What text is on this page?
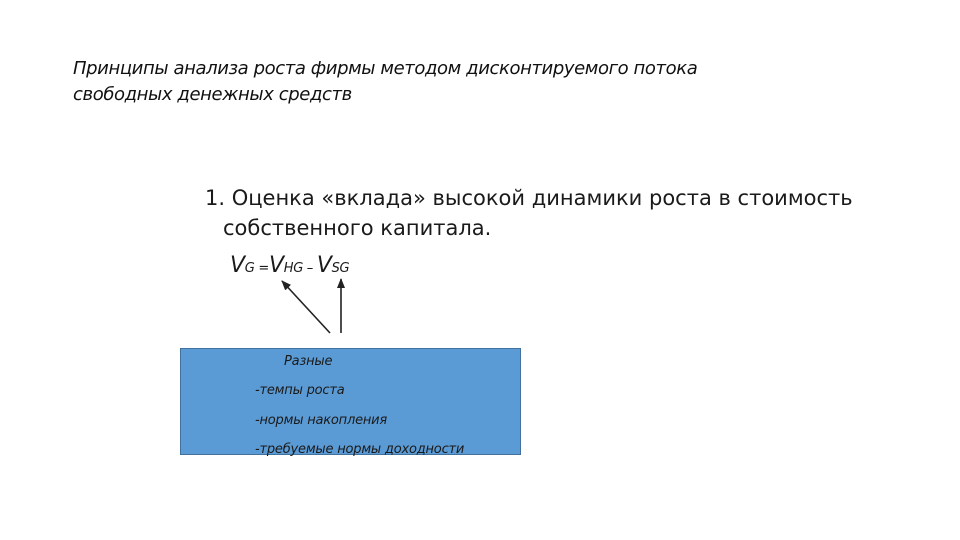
Принципы анализа роста фирмы методом дисконтируемого потока
свободных денежных средств
1. Оценка «вклада» высокой динамики роста в стоимость
собственного капитала.
VG =VHG – VSG
Разные
-темпы роста
-нормы накопления
-требуемые нормы доходности
